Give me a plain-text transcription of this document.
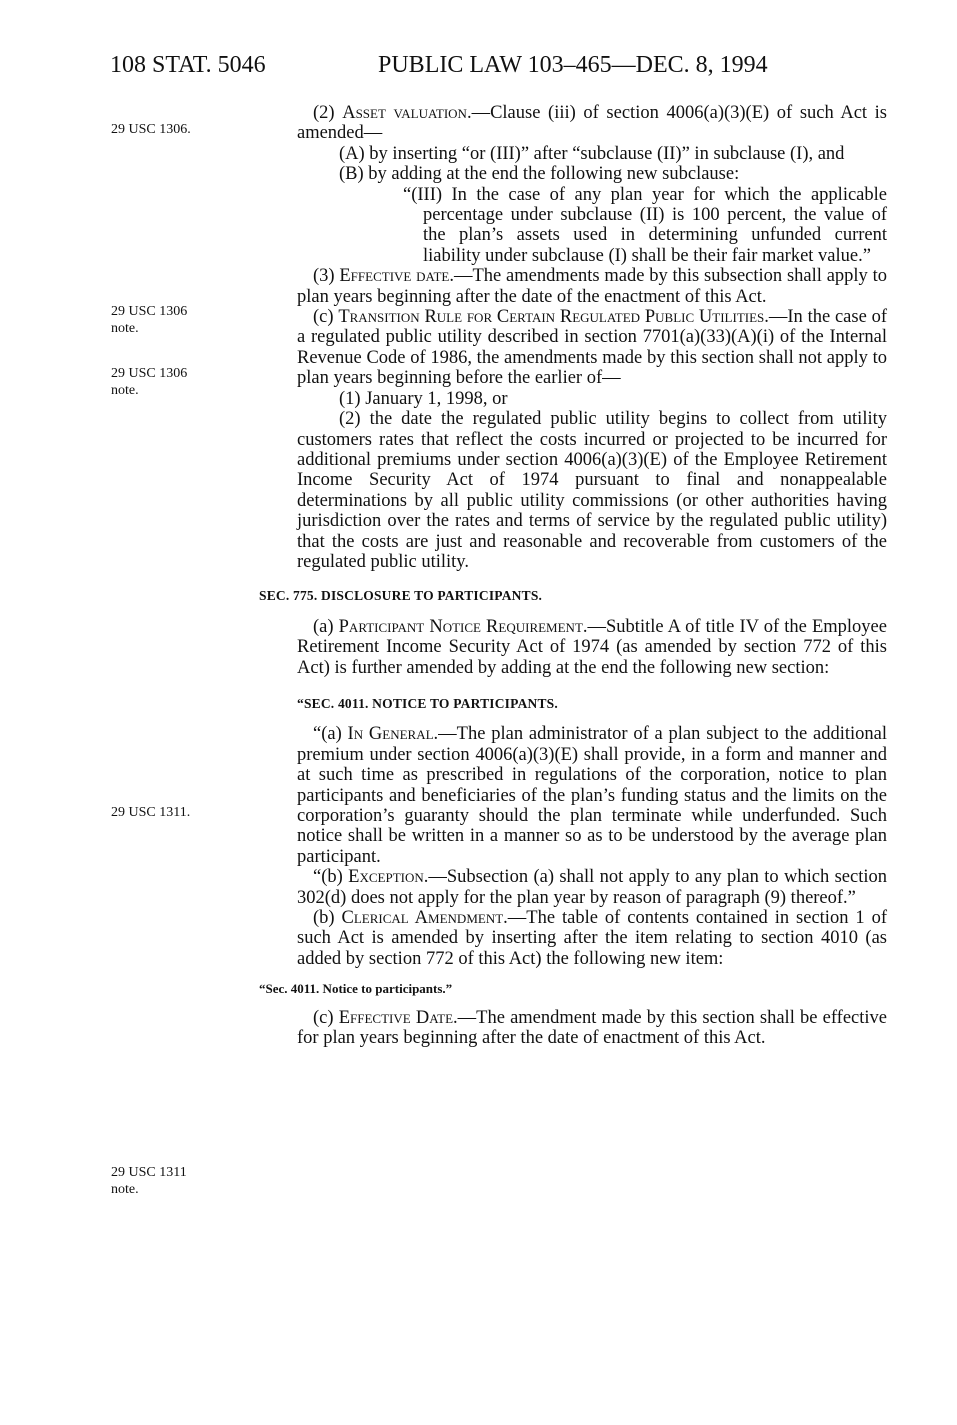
108 STAT. 5046	PUBLIC LAW 103–465—DEC. 8, 1994
29 USC 1306.
29 USC 1306 note.
29 USC 1306 note.
29 USC 1311.
29 USC 1311 note.

(2) Asset valuation.—Clause (iii) of section 4006(a)(3)(E) of such Act is amended—

(A) by inserting “or (III)” after “subclause (II)” in subclause (I), and

(B) by adding at the end the following new subclause:

“(III) In the case of any plan year for which the applicable percentage under subclause (II) is 100 percent, the value of the plan’s assets used in determining unfunded current liability under subclause (I) shall be their fair market value.”

(3) Effective date.—The amendments made by this subsection shall apply to plan years beginning after the date of the enactment of this Act.

(c) Transition Rule for Certain Regulated Public Utilities.—In the case of a regulated public utility described in section 7701(a)(33)(A)(i) of the Internal Revenue Code of 1986, the amendments made by this section shall not apply to plan years beginning before the earlier of—

(1) January 1, 1998, or

(2) the date the regulated public utility begins to collect from utility customers rates that reflect the costs incurred or projected to be incurred for additional premiums under section 4006(a)(3)(E) of the Employee Retirement Income Security Act of 1974 pursuant to final and nonappealable determinations by all public utility commissions (or other authorities having jurisdiction over the rates and terms of service by the regulated public utility) that the costs are just and reasonable and recoverable from customers of the regulated public utility.

SEC. 775. DISCLOSURE TO PARTICIPANTS.

(a) Participant Notice Requirement.—Subtitle A of title IV of the Employee Retirement Income Security Act of 1974 (as amended by section 772 of this Act) is further amended by adding at the end the following new section:

“SEC. 4011. NOTICE TO PARTICIPANTS.

“(a) In General.—The plan administrator of a plan subject to the additional premium under section 4006(a)(3)(E) shall provide, in a form and manner and at such time as prescribed in regulations of the corporation, notice to plan participants and beneficiaries of the plan’s funding status and the limits on the corporation’s guaranty should the plan terminate while underfunded. Such notice shall be written in a manner so as to be understood by the average plan participant.

“(b) Exception.—Subsection (a) shall not apply to any plan to which section 302(d) does not apply for the plan year by reason of paragraph (9) thereof.”

(b) Clerical Amendment.—The table of contents contained in section 1 of such Act is amended by inserting after the item relating to section 4010 (as added by section 772 of this Act) the following new item:

“Sec. 4011. Notice to participants.”

(c) Effective Date.—The amendment made by this section shall be effective for plan years beginning after the date of enactment of this Act.
